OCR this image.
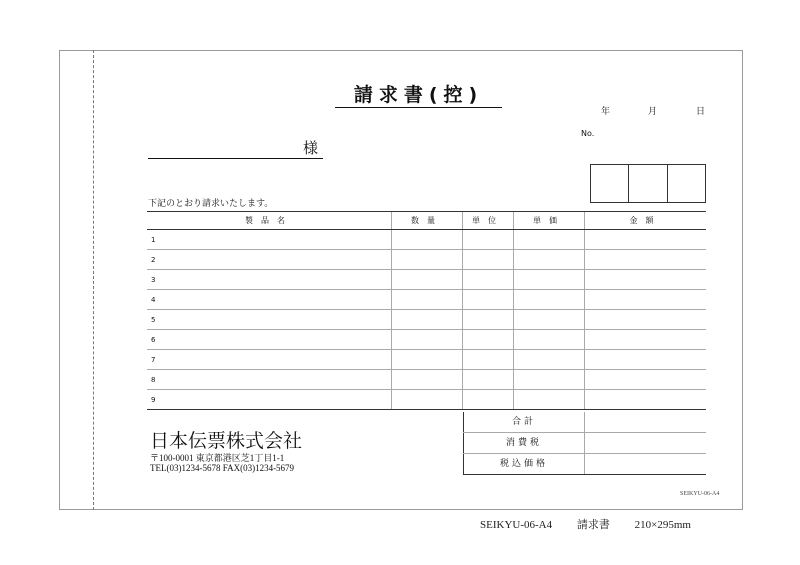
請求書(控)
年	月	日
No.
様
下記のとおり請求いたします。
製品名	数量	単位	単価	金額
1
2
3
4
5
6
7
8
9
合計
消費税
税込価格
日本伝票株式会社
〒100-0001 東京都港区芝1丁目1-1
TEL(03)1234-5678 FAX(03)1234-5679
SEIKYU-06-A4
SEIKYU-06-A4 請求書 210×295mm
